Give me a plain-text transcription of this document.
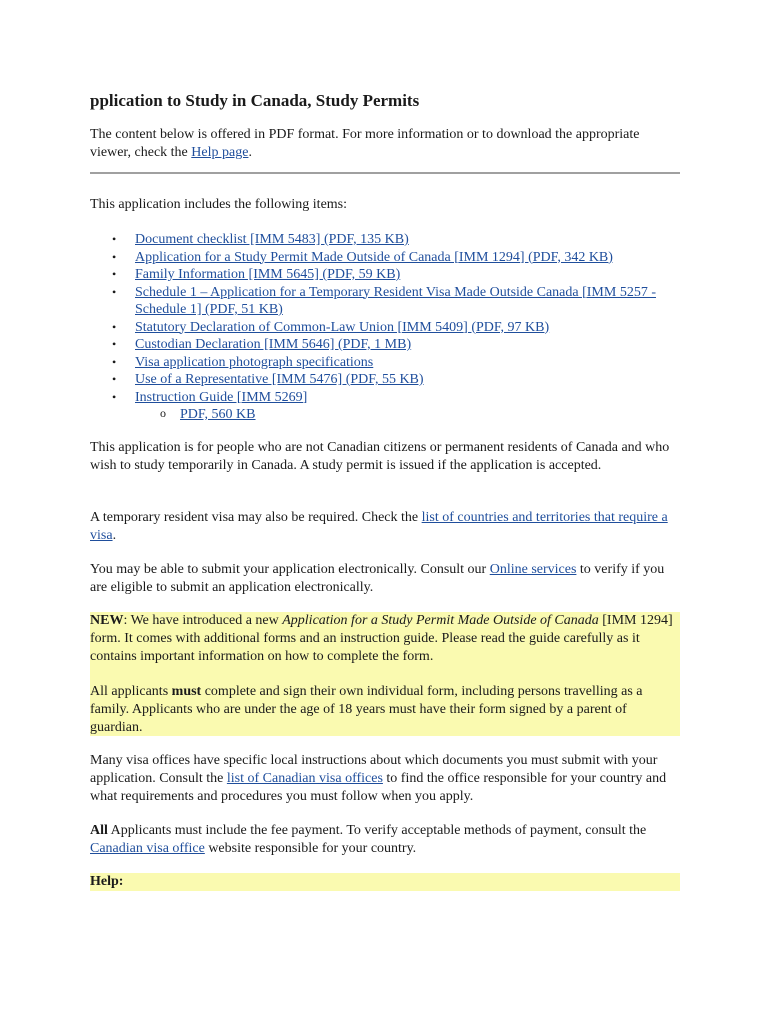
pplication to Study in Canada, Study Permits

The content below is offered in PDF format. For more information or to download the appropriate viewer, check the Help page.

This application includes the following items:

• Document checklist [IMM 5483] (PDF, 135 KB)
• Application for a Study Permit Made Outside of Canada [IMM 1294] (PDF, 342 KB)
• Family Information [IMM 5645] (PDF, 59 KB)
• Schedule 1 – Application for a Temporary Resident Visa Made Outside Canada [IMM 5257 - Schedule 1] (PDF, 51 KB)
• Statutory Declaration of Common-Law Union [IMM 5409] (PDF, 97 KB)
• Custodian Declaration [IMM 5646] (PDF, 1 MB)
• Visa application photograph specifications
• Use of a Representative [IMM 5476] (PDF, 55 KB)
• Instruction Guide [IMM 5269]
o PDF, 560 KB

This application is for people who are not Canadian citizens or permanent residents of Canada and who wish to study temporarily in Canada. A study permit is issued if the application is accepted.

A temporary resident visa may also be required. Check the list of countries and territories that require a visa.

You may be able to submit your application electronically. Consult our Online services to verify if you are eligible to submit an application electronically.

NEW: We have introduced a new Application for a Study Permit Made Outside of Canada [IMM 1294] form. It comes with additional forms and an instruction guide. Please read the guide carefully as it contains important information on how to complete the form.

All applicants must complete and sign their own individual form, including persons travelling as a family. Applicants who are under the age of 18 years must have their form signed by a parent of guardian.

Many visa offices have specific local instructions about which documents you must submit with your application. Consult the list of Canadian visa offices to find the office responsible for your country and what requirements and procedures you must follow when you apply.

All Applicants must include the fee payment. To verify acceptable methods of payment, consult the Canadian visa office website responsible for your country.

Help:
